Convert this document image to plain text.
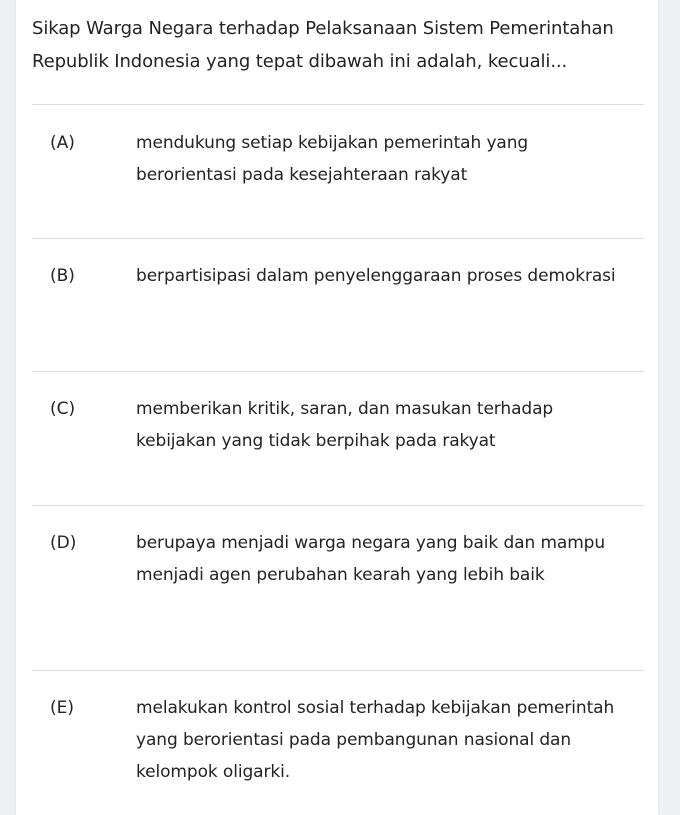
Sikap Warga Negara terhadap Pelaksanaan Sistem Pemerintahan Republik Indonesia yang tepat dibawah ini adalah, kecuali...
(A)	mendukung setiap kebijakan pemerintah yang berorientasi pada kesejahteraan rakyat
(B)	berpartisipasi dalam penyelenggaraan proses demokrasi
(C)	memberikan kritik, saran, dan masukan terhadap kebijakan yang tidak berpihak pada rakyat
(D)	berupaya menjadi warga negara yang baik dan mampu menjadi agen perubahan kearah yang lebih baik
(E)	melakukan kontrol sosial terhadap kebijakan pemerintah yang berorientasi pada pembangunan nasional dan kelompok oligarki.
